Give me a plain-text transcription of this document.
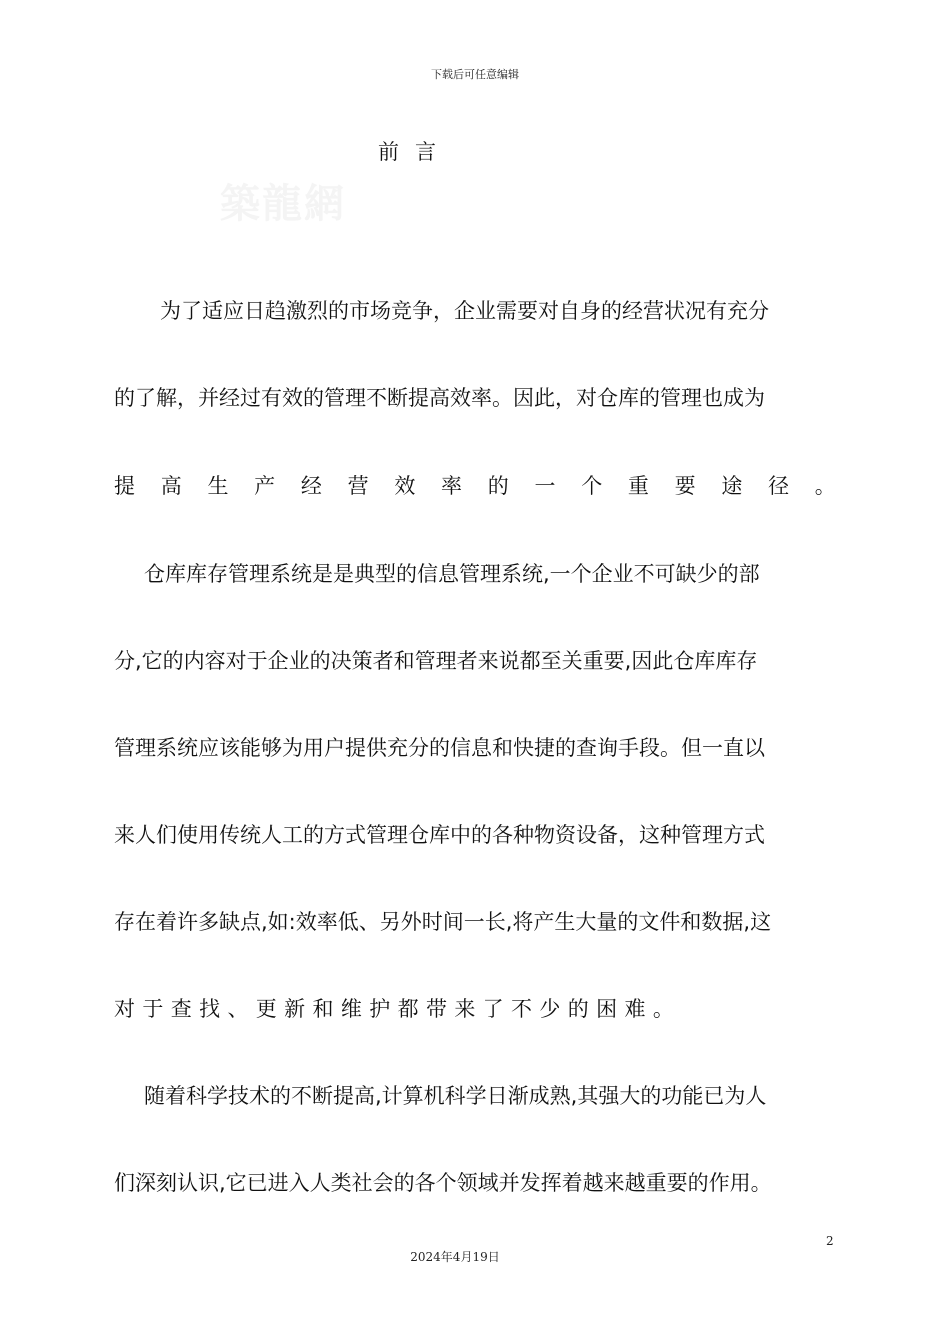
下载后可任意编辑
前言
築龍網
为了适应日趋激烈的市场竞争，企业需要对自身的经营状况有充分
的了解，并经过有效的管理不断提高效率。因此，对仓库的管理也成为
提 高 生 产 经 营 效 率 的 一 个 重 要 途 径 。
仓库库存管理系统是是典型的信息管理系统,一个企业不可缺少的部
分,它的内容对于企业的决策者和管理者来说都至关重要,因此仓库库存
管理系统应该能够为用户提供充分的信息和快捷的查询手段。但一直以
来人们使用传统人工的方式管理仓库中的各种物资设备，这种管理方式
存在着许多缺点,如:效率低、另外时间一长,将产生大量的文件和数据,这
对 于 查 找 、 更 新 和 维 护 都 带 来 了 不 少 的 困 难 。
随着科学技术的不断提高,计算机科学日渐成熟,其强大的功能已为人
们深刻认识,它已进入人类社会的各个领域并发挥着越来越重要的作用。
2
2024年4月19日
